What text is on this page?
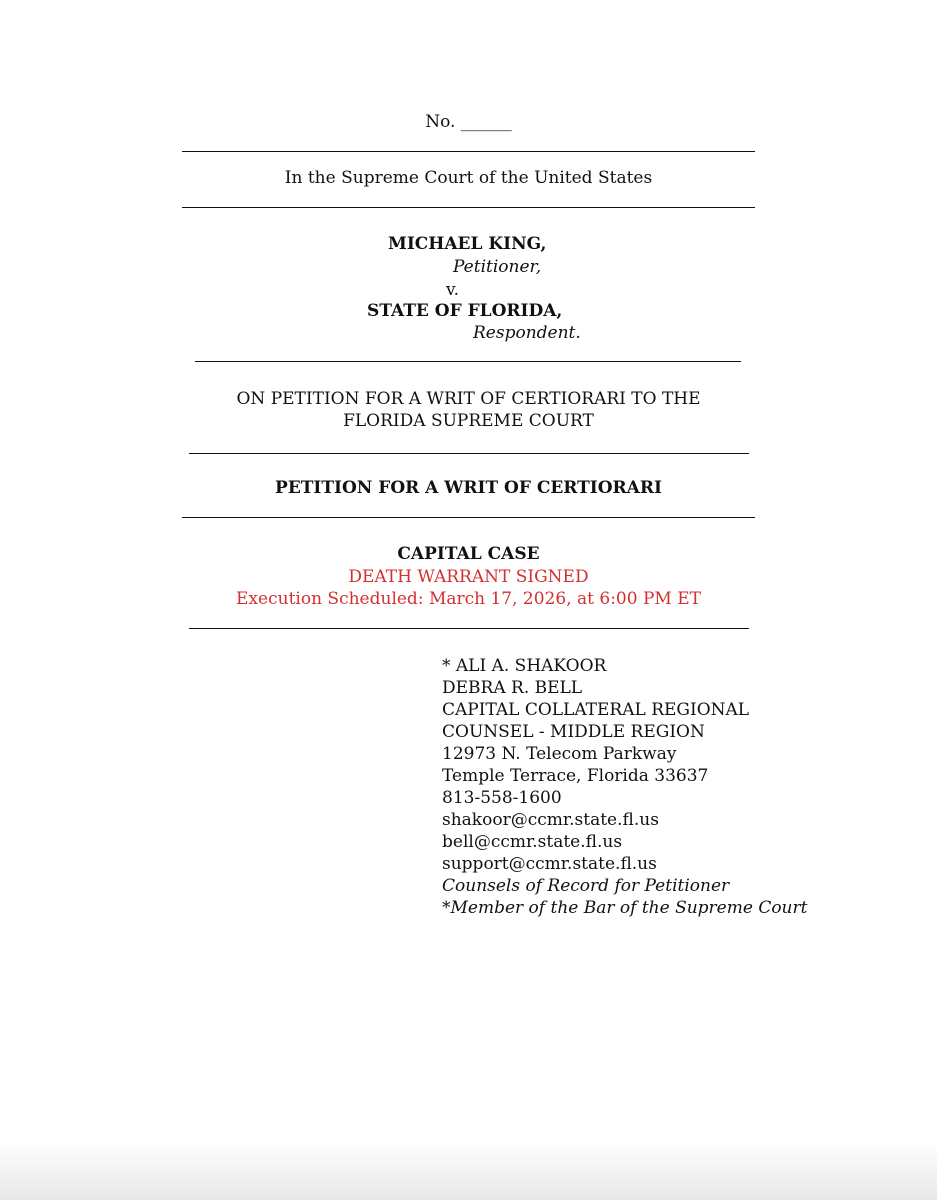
No. ______
In the Supreme Court of the United States
MICHAEL KING,
Petitioner,
v.
STATE OF FLORIDA,
Respondent.
ON PETITION FOR A WRIT OF CERTIORARI TO THE
FLORIDA SUPREME COURT
PETITION FOR A WRIT OF CERTIORARI
CAPITAL CASE
DEATH WARRANT SIGNED
Execution Scheduled: March 17, 2026, at 6:00 PM ET
* ALI A. SHAKOOR
DEBRA R. BELL
CAPITAL COLLATERAL REGIONAL
COUNSEL - MIDDLE REGION
12973 N. Telecom Parkway
Temple Terrace, Florida 33637
813-558-1600
shakoor@ccmr.state.fl.us
bell@ccmr.state.fl.us
support@ccmr.state.fl.us
Counsels of Record for Petitioner
*Member of the Bar of the Supreme Court
